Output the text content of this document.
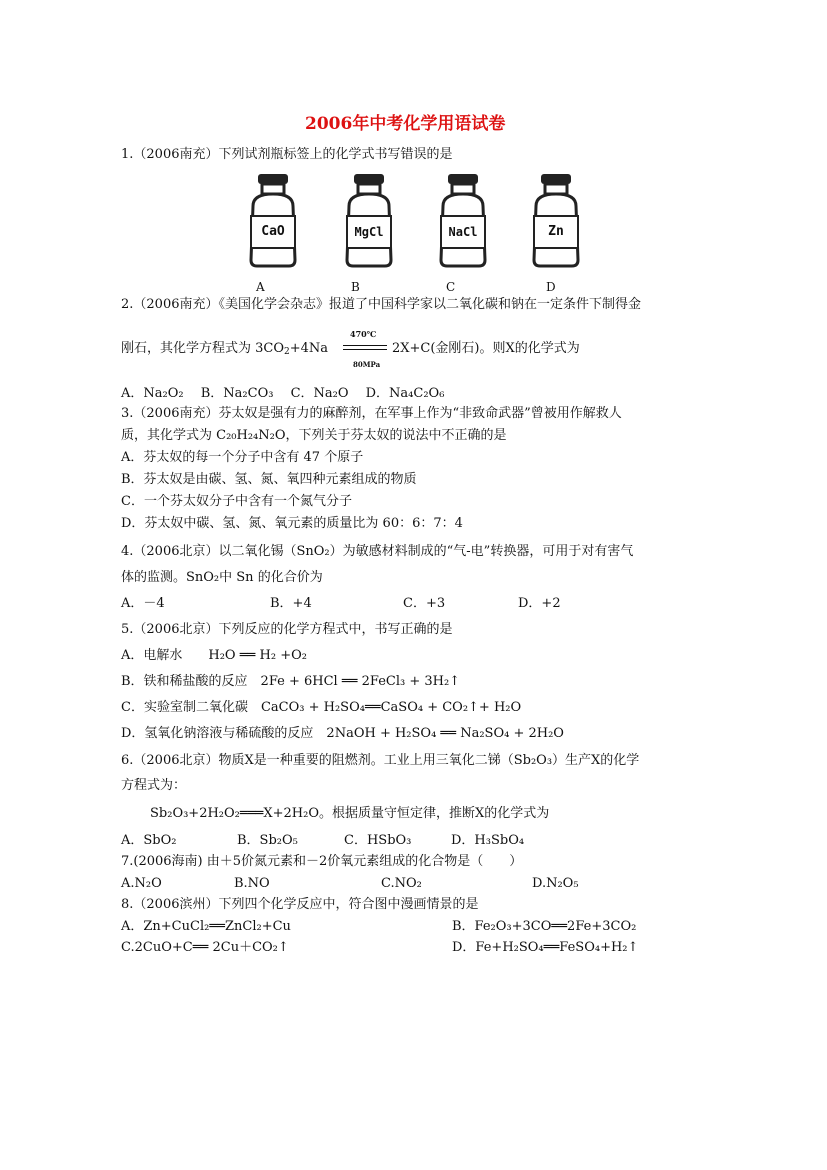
2006年中考化学用语试卷
1.（2006南充）下列试剂瓶标签上的化学式书写错误的是
CaO	MgCl	NaCl	Zn
A	B	C	D
2.（2006南充）《美国化学会杂志》报道了中国科学家以二氧化碳和钠在一定条件下制得金
刚石，其化学方程式为 $3CO_2+4Na$
470℃
80MPa
2X+C(金刚石)。则X的化学式为
A．Na₂O₂　 B．Na₂CO₃　 C．Na₂O　 D．Na₄C₂O₆
3.（2006南充）芬太奴是强有力的麻醉剂，在军事上作为“非致命武器”曾被用作解救人
质，其化学式为 C₂₀H₂₄N₂O，下列关于芬太奴的说法中不正确的是
A．芬太奴的每一个分子中含有 47 个原子
B．芬太奴是由碳、氢、氮、氧四种元素组成的物质
C．一个芬太奴分子中含有一个氮气分子
D．芬太奴中碳、氢、氮、氧元素的质量比为 60：6：7：4
4.（2006北京）以二氧化锡（SnO₂）为敏感材料制成的“气-电”转换器，可用于对有害气
体的监测。SnO₂中 Sn 的化合价为
A．－4	B．+4	C．+3	D．+2
5.（2006北京）下列反应的化学方程式中，书写正确的是
A．电解水　　H₂O ══ H₂ +O₂
B．铁和稀盐酸的反应　2Fe + 6HCl ══ 2FeCl₃ + 3H₂↑
C．实验室制二氧化碳　CaCO₃ + H₂SO₄══CaSO₄ + CO₂↑+ H₂O
D．氢氧化钠溶液与稀硫酸的反应　2NaOH + H₂SO₄ ══ Na₂SO₄ + 2H₂O
6.（2006北京）物质X是一种重要的阻燃剂。工业上用三氧化二锑（Sb₂O₃）生产X的化学
方程式为：
Sb₂O₃+2H₂O₂═══X+2H₂O。根据质量守恒定律，推断X的化学式为
A．SbO₂	B．Sb₂O₅	C．HSbO₃	D．H₃SbO₄
7.(2006海南) 由＋5价氮元素和－2价氧元素组成的化合物是（　　）
A.N₂O	B.NO	C.NO₂	D.N₂O₅
8.（2006滨州）下列四个化学反应中，符合图中漫画情景的是
A．Zn+CuCl₂══ZnCl₂+Cu	B．Fe₂O₃+3CO══2Fe+3CO₂
C.2CuO+C══ 2Cu＋CO₂↑	D．Fe+H₂SO₄══FeSO₄+H₂↑
